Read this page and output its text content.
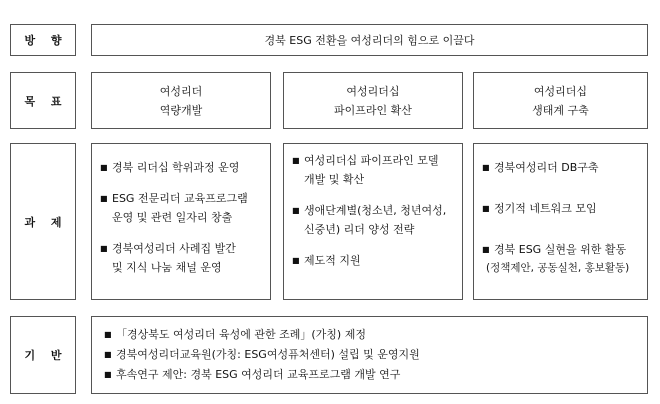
방 향	경북 ESG 전환을 여성리더의 힘으로 이끌다
목 표
여성리더
역량개발
여성리더십
파이프라인 확산
여성리더십
생태계 구축
과 제
■ 경북 리더십 학위과정 운영
■ ESG 전문리더 교육프로그램
운영 및 관련 일자리 창출
■ 경북여성리더 사례집 발간
및 지식 나눔 채널 운영
■ 여성리더십 파이프라인 모델
개발 및 확산
■ 생애단계별(청소년, 청년여성,
신중년) 리더 양성 전략
■ 제도적 지원
■ 경북여성리더 DB구축
■ 정기적 네트워크 모임
■ 경북 ESG 실현을 위한 활동
(정책제안, 공동실천, 홍보활동)
기 반
■ 「경상북도 여성리더 육성에 관한 조례」(가칭) 제정
■ 경북여성리더교육원(가칭: ESG여성퓨처센터) 설립 및 운영지원
■ 후속연구 제안: 경북 ESG 여성리더 교육프로그램 개발 연구
